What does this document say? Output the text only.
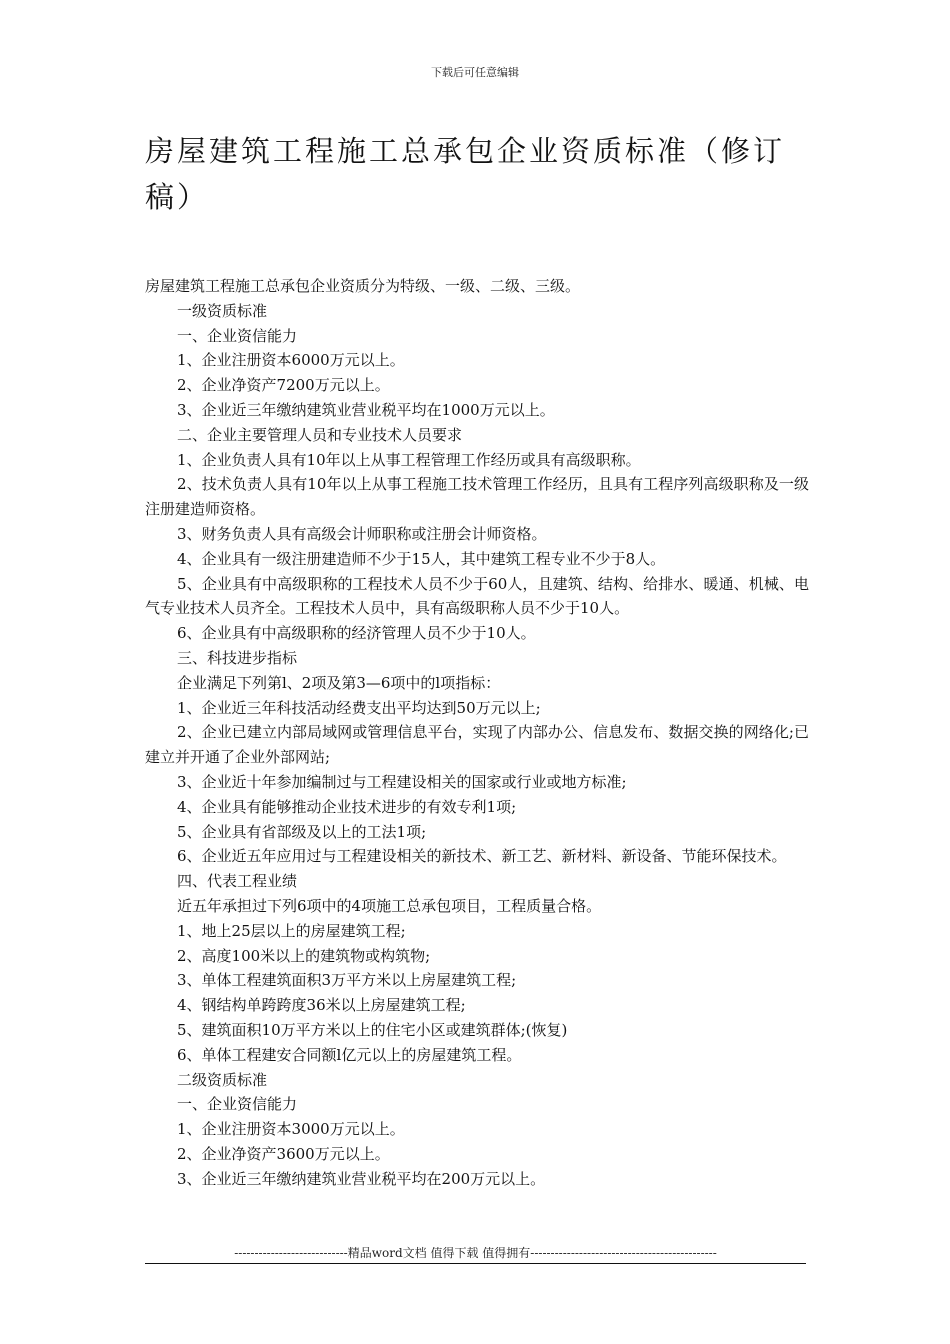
下载后可任意编辑
房屋建筑工程施工总承包企业资质标准（修订稿）

房屋建筑工程施工总承包企业资质分为特级、一级、二级、三级。

一级资质标准

一、企业资信能力

1、企业注册资本6000万元以上。

2、企业净资产7200万元以上。

3、企业近三年缴纳建筑业营业税平均在1000万元以上。

二、企业主要管理人员和专业技术人员要求

1、企业负责人具有10年以上从事工程管理工作经历或具有高级职称。

2、技术负责人具有10年以上从事工程施工技术管理工作经历，且具有工程序列高级职称及一级注册建造师资格。

3、财务负责人具有高级会计师职称或注册会计师资格。

4、企业具有一级注册建造师不少于15人，其中建筑工程专业不少于8人。

5、企业具有中高级职称的工程技术人员不少于60人，且建筑、结构、给排水、暖通、机械、电气专业技术人员齐全。工程技术人员中，具有高级职称人员不少于10人。

6、企业具有中高级职称的经济管理人员不少于10人。

三、科技进步指标

企业满足下列第l、2项及第3—6项中的l项指标：

1、企业近三年科技活动经费支出平均达到50万元以上;

2、企业已建立内部局域网或管理信息平台，实现了内部办公、信息发布、数据交换的网络化;已建立并开通了企业外部网站;

3、企业近十年参加编制过与工程建设相关的国家或行业或地方标准;

4、企业具有能够推动企业技术进步的有效专利1项;

5、企业具有省部级及以上的工法1项;

6、企业近五年应用过与工程建设相关的新技术、新工艺、新材料、新设备、节能环保技术。

四、代表工程业绩

近五年承担过下列6项中的4项施工总承包项目，工程质量合格。

1、地上25层以上的房屋建筑工程;

2、高度100米以上的建筑物或构筑物;

3、单体工程建筑面积3万平方米以上房屋建筑工程;

4、钢结构单跨跨度36米以上房屋建筑工程;

5、建筑面积10万平方米以上的住宅小区或建筑群体;(恢复)

6、单体工程建安合同额l亿元以上的房屋建筑工程。

二级资质标准

一、企业资信能力

1、企业注册资本3000万元以上。

2、企业净资产3600万元以上。

3、企业近三年缴纳建筑业营业税平均在200万元以上。

----------------------------精品word文档 值得下载 值得拥有----------------------------------------------
